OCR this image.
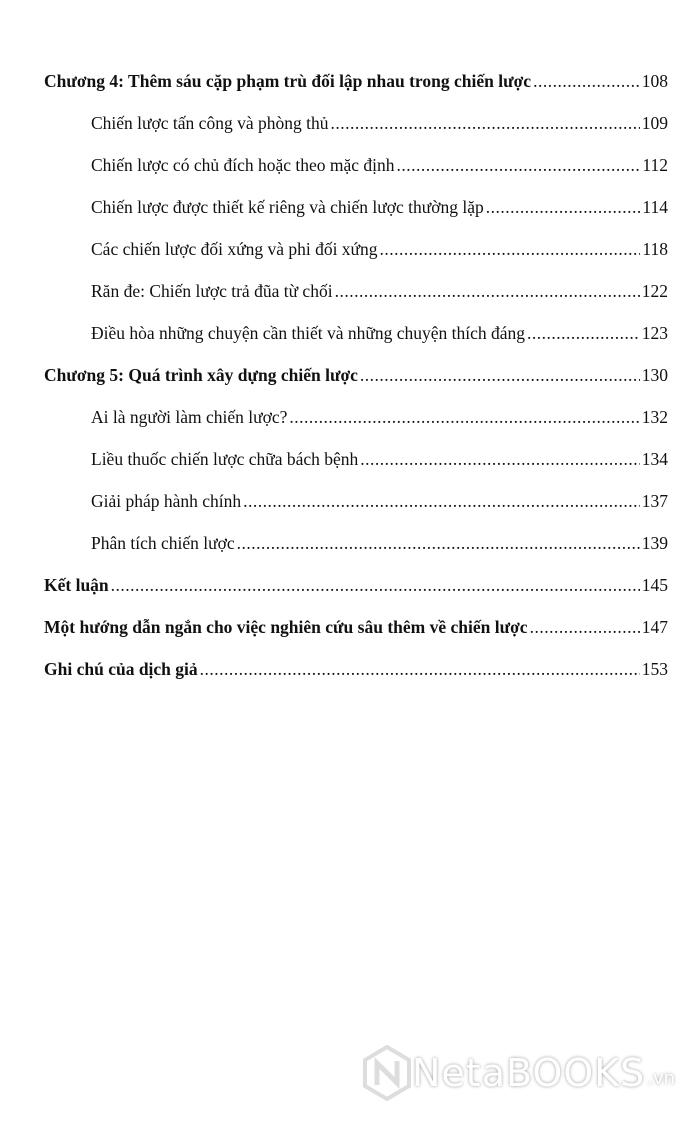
Chương 4: Thêm sáu cặp phạm trù đối lập nhau trong chiến lược .....	108
Chiến lược tấn công và phòng thủ .....	109
Chiến lược có chủ đích hoặc theo mặc định .....	112
Chiến lược được thiết kế riêng và chiến lược thường lặp .....	114
Các chiến lược đối xứng và phi đối xứng .....	118
Răn đe: Chiến lược trả đũa từ chối .....	122
Điều hòa những chuyện cần thiết và những chuyện thích đáng .....	123
Chương 5: Quá trình xây dựng chiến lược .....	130
Ai là người làm chiến lược? .....	132
Liều thuốc chiến lược chữa bách bệnh .....	134
Giải pháp hành chính .....	137
Phân tích chiến lược .....	139
Kết luận .....	145
Một hướng dẫn ngắn cho việc nghiên cứu sâu thêm về chiến lược .....	147
Ghi chú của dịch giả .....	153
NetaBOOKS .vn
